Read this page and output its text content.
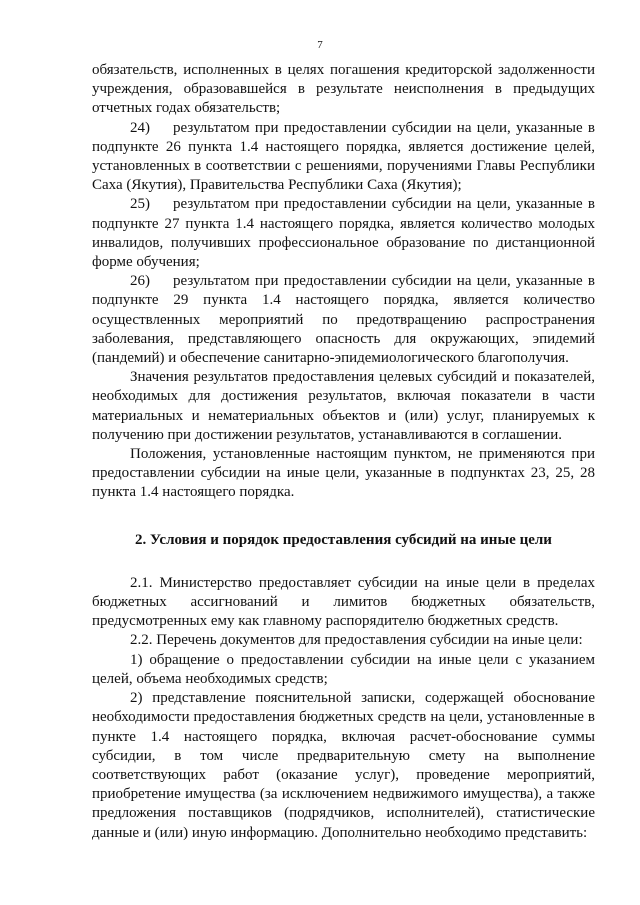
7

обязательств, исполненных в целях погашения кредиторской задолженности учреждения, образовавшейся в результате неисполнения в предыдущих отчетных годах обязательств;

24) результатом при предоставлении субсидии на цели, указанные в подпункте 26 пункта 1.4 настоящего порядка, является достижение целей, установленных в соответствии с решениями, поручениями Главы Республики Саха (Якутия), Правительства Республики Саха (Якутия);

25) результатом при предоставлении субсидии на цели, указанные в подпункте 27 пункта 1.4 настоящего порядка, является количество молодых инвалидов, получивших профессиональное образование по дистанционной форме обучения;

26) результатом при предоставлении субсидии на цели, указанные в подпункте 29 пункта 1.4 настоящего порядка, является количество осуществленных мероприятий по предотвращению распространения заболевания, представляющего опасность для окружающих, эпидемий (пандемий) и обеспечение санитарно-эпидемиологического благополучия.

Значения результатов предоставления целевых субсидий и показателей, необходимых для достижения результатов, включая показатели в части материальных и нематериальных объектов и (или) услуг, планируемых к получению при достижении результатов, устанавливаются в соглашении.

Положения, установленные настоящим пунктом, не применяются при предоставлении субсидии на иные цели, указанные в подпунктах 23, 25, 28 пункта 1.4 настоящего порядка.

2. Условия и порядок предоставления субсидий на иные цели

2.1. Министерство предоставляет субсидии на иные цели в пределах бюджетных ассигнований и лимитов бюджетных обязательств, предусмотренных ему как главному распорядителю бюджетных средств.

2.2. Перечень документов для предоставления субсидии на иные цели:

1) обращение о предоставлении субсидии на иные цели с указанием целей, объема необходимых средств;

2) представление пояснительной записки, содержащей обоснование необходимости предоставления бюджетных средств на цели, установленные в пункте 1.4 настоящего порядка, включая расчет-обоснование суммы субсидии, в том числе предварительную смету на выполнение соответствующих работ (оказание услуг), проведение мероприятий, приобретение имущества (за исключением недвижимого имущества), а также предложения поставщиков (подрядчиков, исполнителей), статистические данные и (или) иную информацию. Дополнительно необходимо представить:
